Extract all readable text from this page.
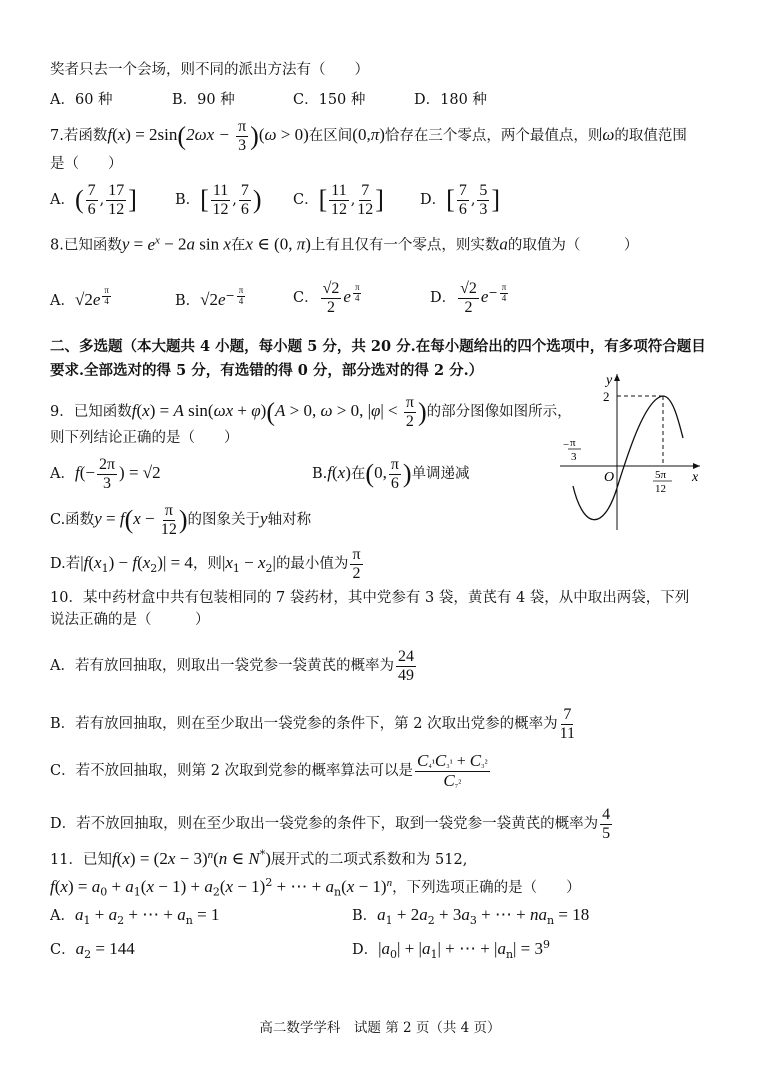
奖者只去一个会场，则不同的派出方法有（　　）
A．60 种	B．90 种	C．150 种	D．180 种
7.若函数$f(x) = 2\sin(2\omega x - \frac{\pi}{3} )(\omega > 0)$在区间(0,π)恰存在三个零点，两个最值点，则ω的取值范围
是（　　）
A．( $\frac{7}{6}$ , $\frac{17}{12}$ ]	B．[ $\frac{11}{12}$ , $\frac{7}{6}$ ) C．[ $\frac{11}{12}$ , $\frac{7}{12}$ ] D．[ $\frac{7}{6}$ , $\frac{5}{3}$ ]
8.已知函数$y = e^x - 2a$ sin x在x ∈ (0, π)上有且仅有一个零点，则实数a的取值为（　　　）
A．√2e $^{\frac{\pi}{4}}$	B．$√2e^{- \frac{\pi}{4}}$	C． $\frac{√2}{2}$ e $^{\frac{\pi}{4}}$	D． $\frac{√2}{2} e^{- \frac{\pi}{4}}$
二、多选题（本大题共 4 小题，每小题 5 分，共 20 分.在每小题给出的四个选项中，有多项符合题目
要求.全部选对的得 5 分，有选错的得 0 分，部分选对的得 2 分.）
9．已知函数f(x) = A sin(ωx + φ)(A > 0, ω > 0, $|\varphi| < \frac{\pi}{2}$ )的部分图像如图所示，
则下列结论正确的是（　　）
A．$f(- \frac{2\pi}{3}$ ) = √2	B.f(x)在(0, $\frac{\pi}{6}$ )单调递减
C.函数$y = f(x - \frac{\pi}{12}$ )的图象关于y轴对称
D.若$|f(x_1) - f(x_2)| = 4$，则$|x_1 - x_2|$的最小值为 $\frac{\pi}{2}$
2
y
x
O
− π
3
5π
12
10．某中药材盒中共有包装相同的 7 袋药材，其中党参有 3 袋，黄芪有 4 袋，从中取出两袋，下列
说法正确的是（　　　）
A．若有放回抽取，则取出一袋党参一袋黄芪的概率为 $\frac{24}{49}$
B．若有放回抽取，则在至少取出一袋党参的条件下，第 2 次取出党参的概率为 $\frac{7}{11}$
C．若不放回抽取，则第 2 次取到党参的概率算法可以是 $\frac{\text{C₄¹C₃¹ + C₃²}}{\text{C₇²}}$
D．若不放回抽取，则在至少取出一袋党参的条件下，取到一袋党参一袋黄芪的概率为 $\frac{4}{5}$
11．已知$f(x) = (2x - 3)^n(n$ ∈ N*)展开式的二项式系数和为 512,
$f(x) = a_0 + a_1(x - 1) + a_2(x - 1)^2$ + ⋯ + $a_n(x - 1)^n$，下列选项正确的是（　　）
A．$a_1 + a_2$ + ⋯ + $a_n = 1$	B．$a_1 + 2a_2 + 3a_3$ + ⋯ + $na_n = 18$
C．$a_2 = 144$	D．$|a_0| + |a_1|$ + ⋯ + $|a_n| = 3^9$
高二数学学科　试题 第 2 页（共 4 页）
